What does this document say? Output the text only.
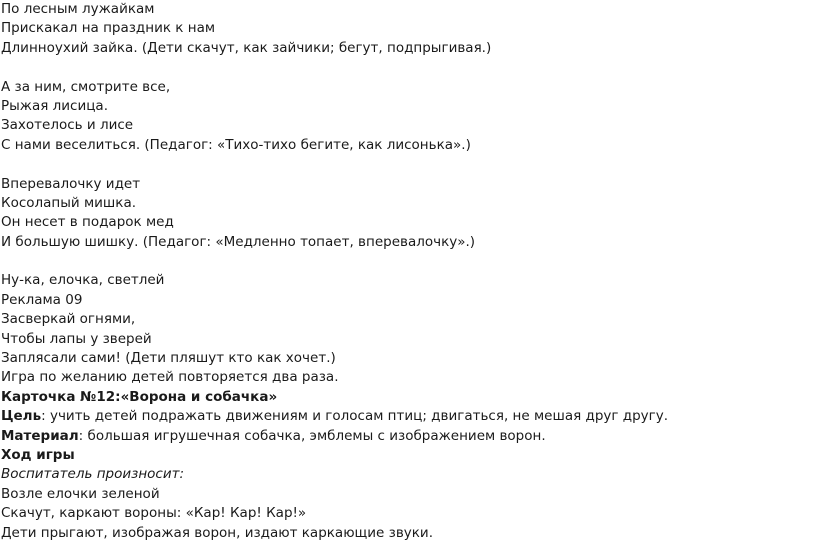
По лесным лужайкам
Прискакал на праздник к нам
Длинноухий зайка. (Дети скачут, как зайчики; бегут, подпрыгивая.)
А за ним, смотрите все,
Рыжая лисица.
Захотелось и лисе
С нами веселиться. (Педагог: «Тихо-тихо бегите, как лисонька».)
Вперевалочку идет
Косолапый мишка.
Он несет в подарок мед
И большую шишку. (Педагог: «Медленно топает, вперевалочку».)
Ну-ка, елочка, светлей
Реклама 09
Засверкай огнями,
Чтобы лапы у зверей
Заплясали сами! (Дети пляшут кто как хочет.)
Игра по желанию детей повторяется два раза.
Карточка №12:«Ворона и собачка»
Цель: учить детей подражать движениям и голосам птиц; двигаться, не мешая друг другу.
Материал: большая игрушечная собачка, эмблемы с изображением ворон.
Ход игры
Воспитатель произносит:
Возле елочки зеленой
Скачут, каркают вороны: «Кар! Кар! Кар!»
Дети прыгают, изображая ворон, издают каркающие звуки.
